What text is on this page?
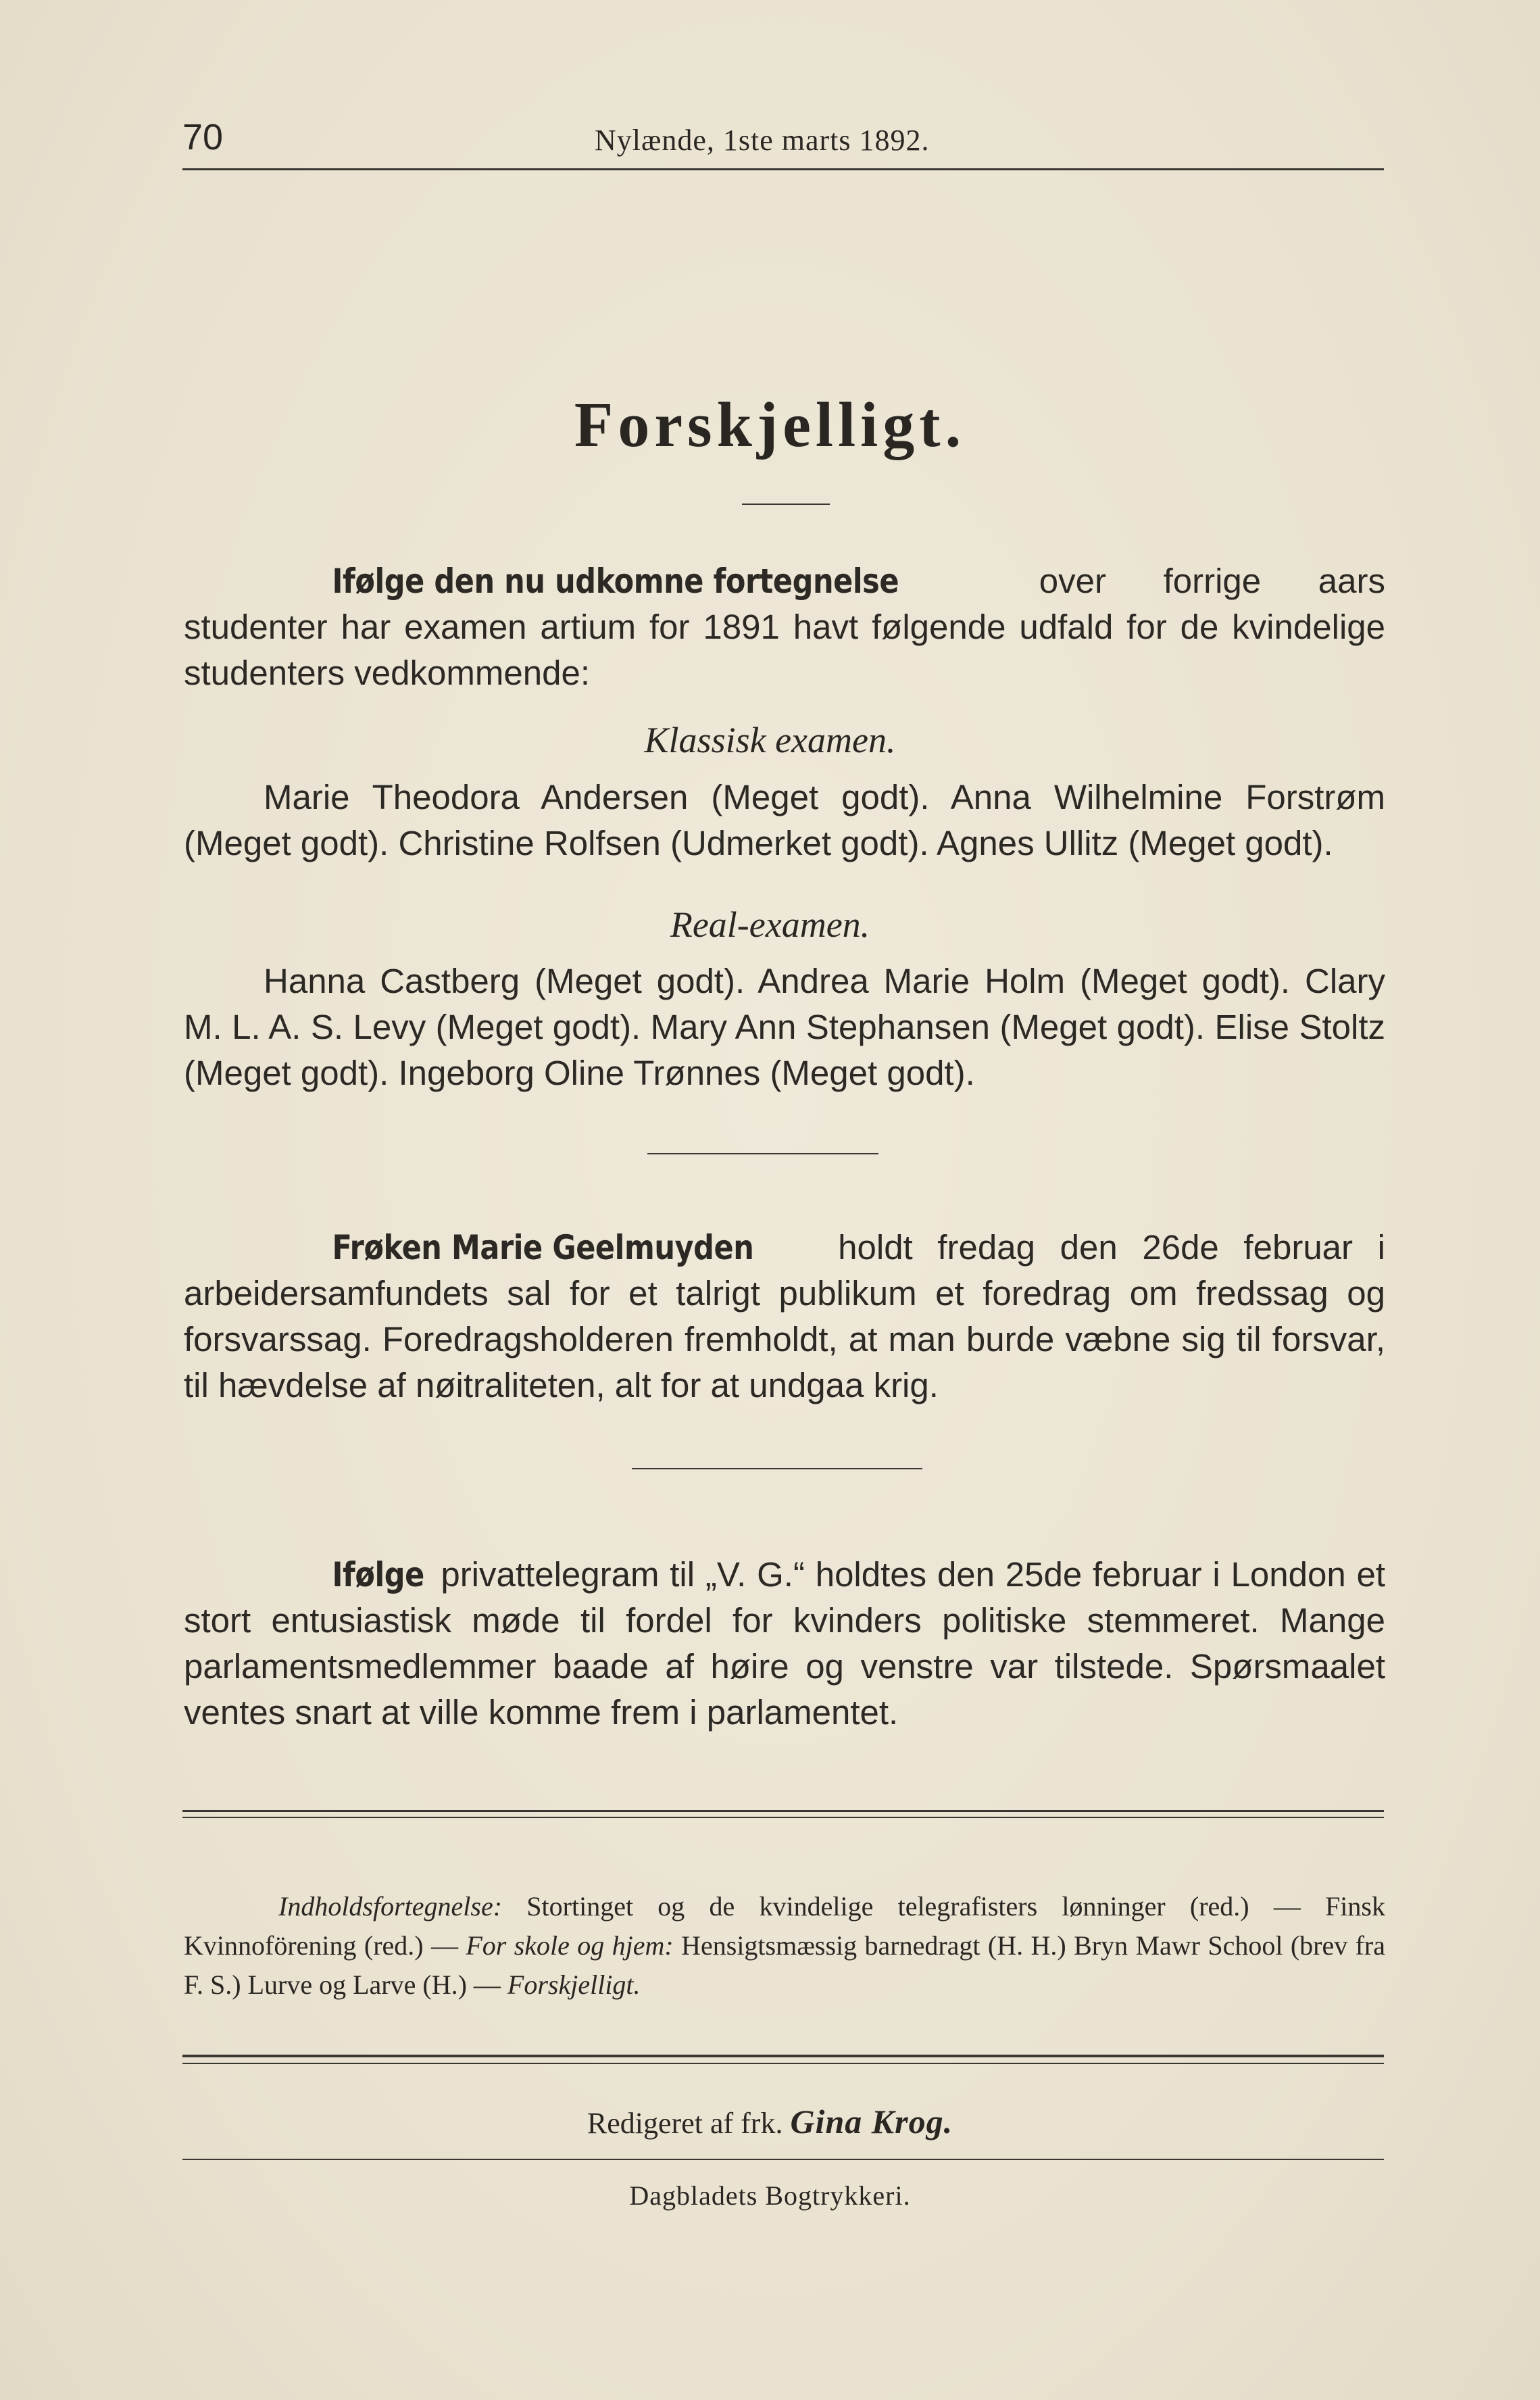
70	Nylænde, 1ste marts 1892.
Forskjelligt.
Ifølge den nu udkomne fortegnelse over forrige aars studenter har examen artium for 1891 havt følgende udfald for de kvindelige studenters vedkommende:
Klassisk examen.
Marie Theodora Andersen (Meget godt). Anna Wilhelmine Forstrøm (Meget godt). Christine Rolfsen (Udmerket godt). Agnes Ullitz (Meget godt).
Real-examen.
Hanna Castberg (Meget godt). Andrea Marie Holm (Meget godt). Clary M. L. A. S. Levy (Meget godt). Mary Ann Stephansen (Meget godt). Elise Stoltz (Meget godt). Ingeborg Oline Trønnes (Meget godt).
Frøken Marie Geelmuyden holdt fredag den 26de februar i arbeidersamfundets sal for et talrigt publikum et foredrag om fredssag og forsvarssag. Foredragsholderen fremholdt, at man burde væbne sig til forsvar, til hævdelse af nøitraliteten, alt for at undgaa krig.
Ifølge privattelegram til „V. G.“ holdtes den 25de februar i London et stort entusiastisk møde til fordel for kvinders politiske stemmeret. Mange parlamentsmedlemmer baade af høire og venstre var tilstede. Spørsmaalet ventes snart at ville komme frem i parlamentet.
Indholdsfortegnelse: Stortinget og de kvindelige telegrafisters lønninger (red.) — Finsk Kvinnoförening (red.) — For skole og hjem: Hensigtsmæssig barnedragt (H. H.) Bryn Mawr School (brev fra F. S.) Lurve og Larve (H.) — Forskjelligt.
Redigeret af frk. Gina Krog.
Dagbladets Bogtrykkeri.
